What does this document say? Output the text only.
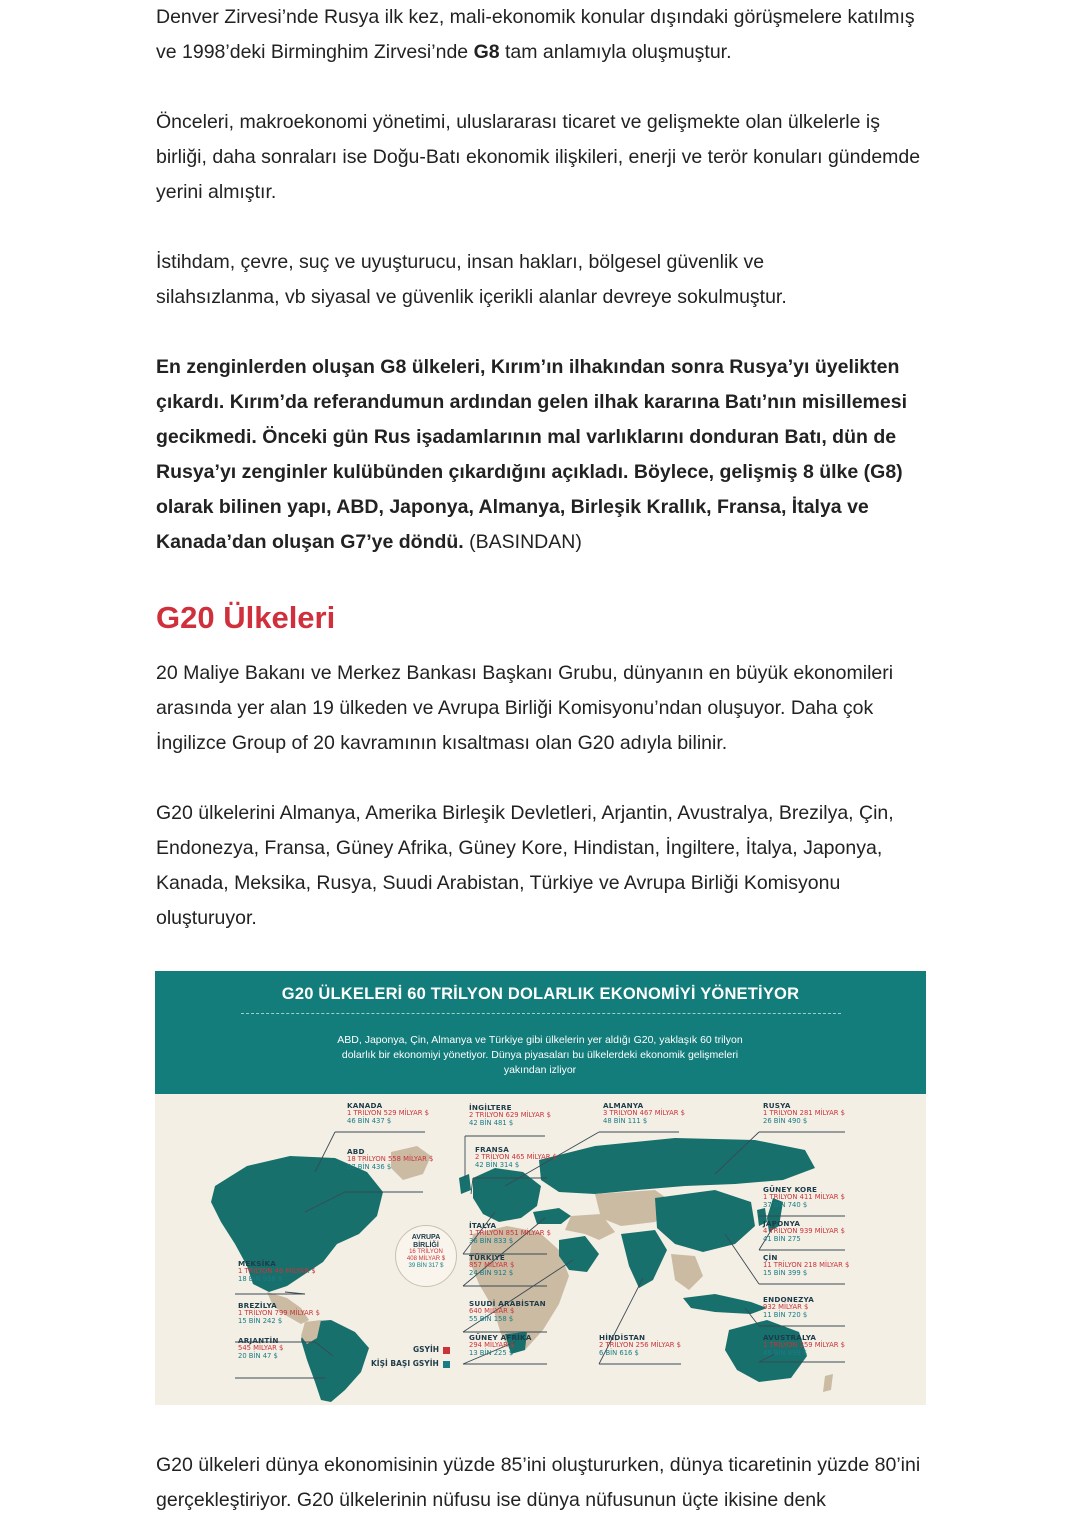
Denver Zirvesi’nde Rusya ilk kez, mali-ekonomik konular dışındaki görüşmelere katılmış ve 1998’deki Birminghim Zirvesi’nde G8 tam anlamıyla oluşmuştur.

Önceleri, makroekonomi yönetimi, uluslararası ticaret ve gelişmekte olan ülkelerle iş birliği, daha sonraları ise Doğu-Batı ekonomik ilişkileri, enerji ve terör konuları gündemde yerini almıştır.

İstihdam, çevre, suç ve uyuşturucu, insan hakları, bölgesel güvenlik ve silahsızlanma, vb siyasal ve güvenlik içerikli alanlar devreye sokulmuştur.

En zenginlerden oluşan G8 ülkeleri, Kırım’ın ilhakından sonra Rusya’yı üyelikten çıkardı. Kırım’da referandumun ardından gelen ilhak kararına Batı’nın misillemesi gecikmedi. Önceki gün Rus işadamlarının mal varlıklarını donduran Batı, dün de Rusya’yı zenginler kulübünden çıkardığını açıkladı. Böylece, gelişmiş 8 ülke (G8) olarak bilinen yapı, ABD, Japonya, Almanya, Birleşik Krallık, Fransa, İtalya ve Kanada’dan oluşan G7’ye döndü. (BASINDAN)

G20 Ülkeleri

20 Maliye Bakanı ve Merkez Bankası Başkanı Grubu, dünyanın en büyük ekonomileri arasında yer alan 19 ülkeden ve Avrupa Birliği Komisyonu’ndan oluşuyor. Daha çok İngilizce Group of 20 kavramının kısaltması olan G20 adıyla bilinir.

G20 ülkelerini Almanya, Amerika Birleşik Devletleri, Arjantin, Avustralya, Brezilya, Çin, Endonezya, Fransa, Güney Afrika, Güney Kore, Hindistan, İngiltere, İtalya, Japonya, Kanada, Meksika, Rusya, Suudi Arabistan, Türkiye ve Avrupa Birliği Komisyonu oluşturuyor.

G20 ülkeleri dünya ekonomisinin yüzde 85’ini oluştururken, dünya ticaretinin yüzde 80’ini gerçekleştiriyor. G20 ülkelerinin nüfusu ise dünya nüfusunun üçte ikisine denk

G20 ÜLKELERİ 60 TRİLYON DOLARLIK EKONOMİYİ YÖNETİYOR
ABD, Japonya, Çin, Almanya ve Türkiye gibi ülkelerin yer aldığı G20, yaklaşık 60 trilyon dolarlık bir ekonomiyi yönetiyor. Dünya piyasaları bu ülkelerdeki ekonomik gelişmeleri yakından izliyor
KANADA
1 TRİLYON 529 MİLYAR $
46 BİN 437 $
ABD
18 TRİLYON 558 MİLYAR $
57 BİN 436 $
MEKSİKA
1 TRİLYON 46 MİLYAR $
18 BİN 938 $
BREZİLYA
1 TRİLYON 799 MİLYAR $
15 BİN 242 $
ARJANTİN
545 MİLYAR $
20 BİN 47 $
AVRUPA
BİRLİĞİ
16 TRİLYON
408 MİLYAR $
39 BİN 317 $
İNGİLTERE
2 TRİLYON 629 MİLYAR $
42 BİN 481 $
FRANSA
2 TRİLYON 465 MİLYAR $
42 BİN 314 $
İTALYA
1 TRİLYON 851 MİLYAR $
36 BİN 833 $
TÜRKİYE
857 MİLYAR $
24 BİN 912 $
SUUDİ ARABİSTAN
640 MİLYAR $
55 BİN 158 $
GÜNEY AFRİKA
294 MİLYAR $
13 BİN 225 $
ALMANYA
3 TRİLYON 467 MİLYAR $
48 BİN 111 $
HİNDİSTAN
2 TRİLYON 256 MİLYAR $
6 BİN 616 $
RUSYA
1 TRİLYON 281 MİLYAR $
26 BİN 490 $
GÜNEY KORE
1 TRİLYON 411 MİLYAR $
37 BİN 740 $
JAPONYA
4 TRİLYON 939 MİLYAR $
41 BİN 275
ÇİN
11 TRİLYON 218 MİLYAR $
15 BİN 399 $
ENDONEZYA
932 MİLYAR $
11 BİN 720 $
AVUSTRALYA
1 TRİLYON 259 MİLYAR $
48 BİN 899 $
GSYİH
KİŞİ BAŞI GSYİH
